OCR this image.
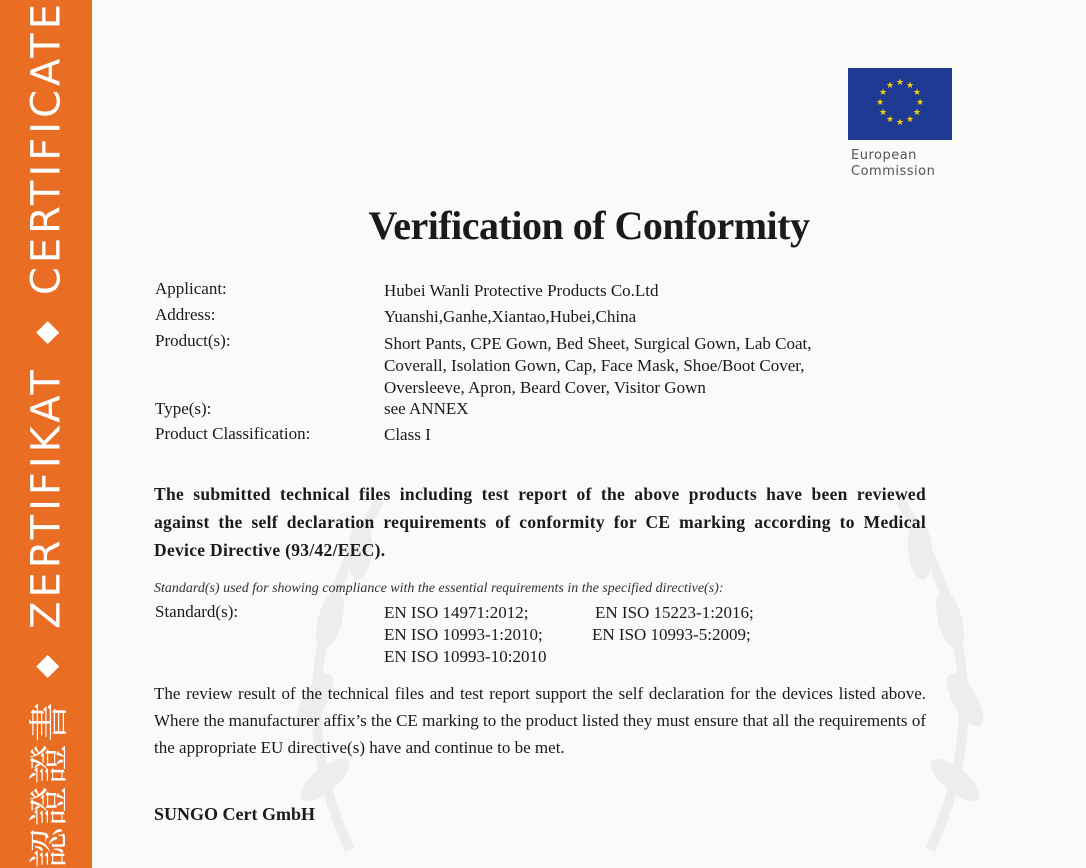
認證證書
◆
ZERTIFIKAT
◆
CERTIFICATE	★ ★
★
★
★
★
★
★
★
★
★
★
European
Commission
Verification of Conformity
Applicant:	Hubei Wanli Protective Products Co.Ltd
Address:	Yuanshi,Ganhe,Xiantao,Hubei,China
Product(s):	Short Pants, CPE Gown, Bed Sheet, Surgical Gown, Lab Coat,
Coverall, Isolation Gown, Cap, Face Mask, Shoe/Boot Cover,
Oversleeve, Apron, Beard Cover, Visitor Gown
Type(s):	see ANNEX
Product Classification:	Class I
The submitted technical files including test report of the above products have been reviewed against the self declaration requirements of conformity for CE marking according to Medical Device Directive (93/42/EEC).
Standard(s) used for showing compliance with the essential requirements in the specified directive(s):
Standard(s):	EN ISO 14971:2012;	EN ISO 15223-1:2016;
EN ISO 10993-1:2010;	EN ISO 10993-5:2009;
EN ISO 10993-10:2010
The review result of the technical files and test report support the self declaration for the devices listed above. Where the manufacturer affix’s the CE marking to the product listed they must ensure that all the requirements of the appropriate EU directive(s) have and continue to be met.
SUNGO Cert GmbH
